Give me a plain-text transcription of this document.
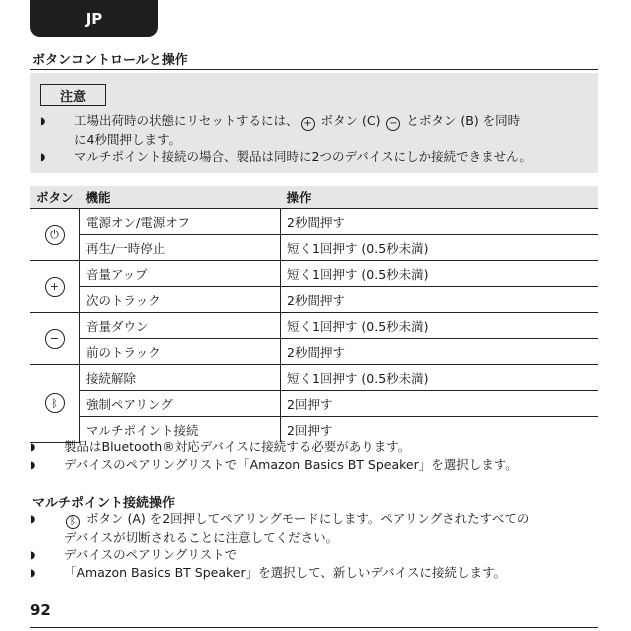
JP
ボタンコントロールと操作
注意
◗	工場出荷時の状態にリセットするには、 + ボタン (C) − とボタン (B) を同時
に4秒間押します。
◗	マルチポイント接続の場合、製品は同時に2つのデバイスにしか接続できません。
ボタン	機能	操作
⏻	電源オン/電源オフ	2秒間押す
	再生/一時停止	短く1回押す (0.5秒未満)
+	音量アップ	短く1回押す (0.5秒未満)
	次のトラック	2秒間押す
−	音量ダウン	短く1回押す (0.5秒未満)
	前のトラック	2秒間押す
ᛒ	接続解除	短く1回押す (0.5秒未満)
	強制ペアリング	2回押す
	マルチポイント接続	2回押す
◗	製品はBluetooth®対応デバイスに接続する必要があります。
◗	デバイスのペアリングリストで「Amazon Basics BT Speaker」を選択します。
マルチポイント接続操作
◗	ᛒ ボタン (A) を2回押してペアリングモードにします。ペアリングされたすべての
デバイスが切断されることに注意してください。
◗	デバイスのペアリングリストで
◗	「Amazon Basics BT Speaker」を選択して、新しいデバイスに接続します。
92
